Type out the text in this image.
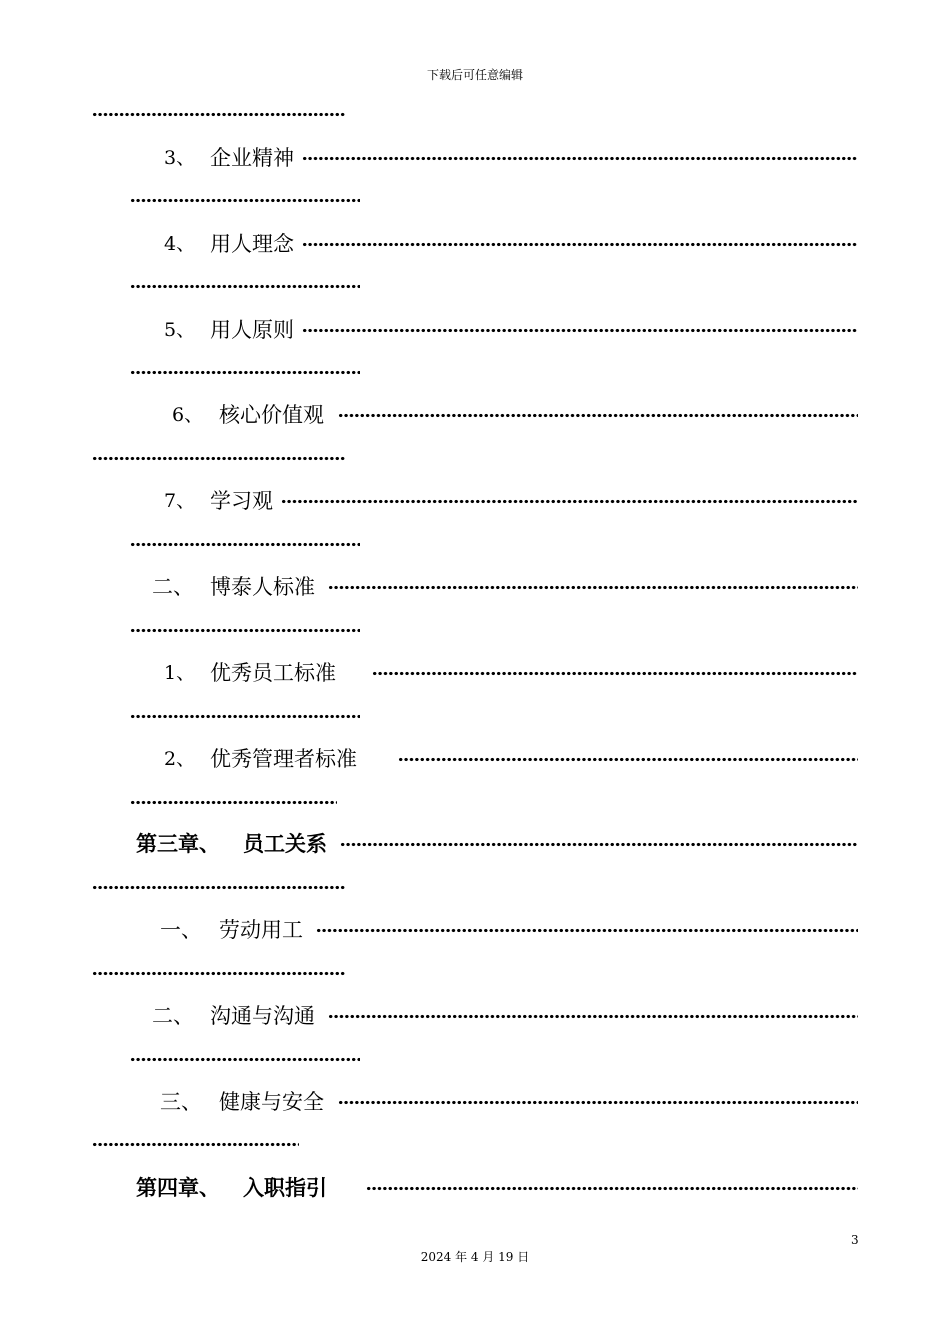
下载后可任意编辑
3、 企业精神
4、 用人理念
5、 用人原则
6、 核心价值观
7、 学习观
二、 博泰人标准
1、 优秀员工标准
2、 优秀管理者标准
第三章、 员工关系
一、 劳动用工
二、 沟通与沟通
三、 健康与安全
第四章、 入职指引
3
2024 年 4 月 19 日
